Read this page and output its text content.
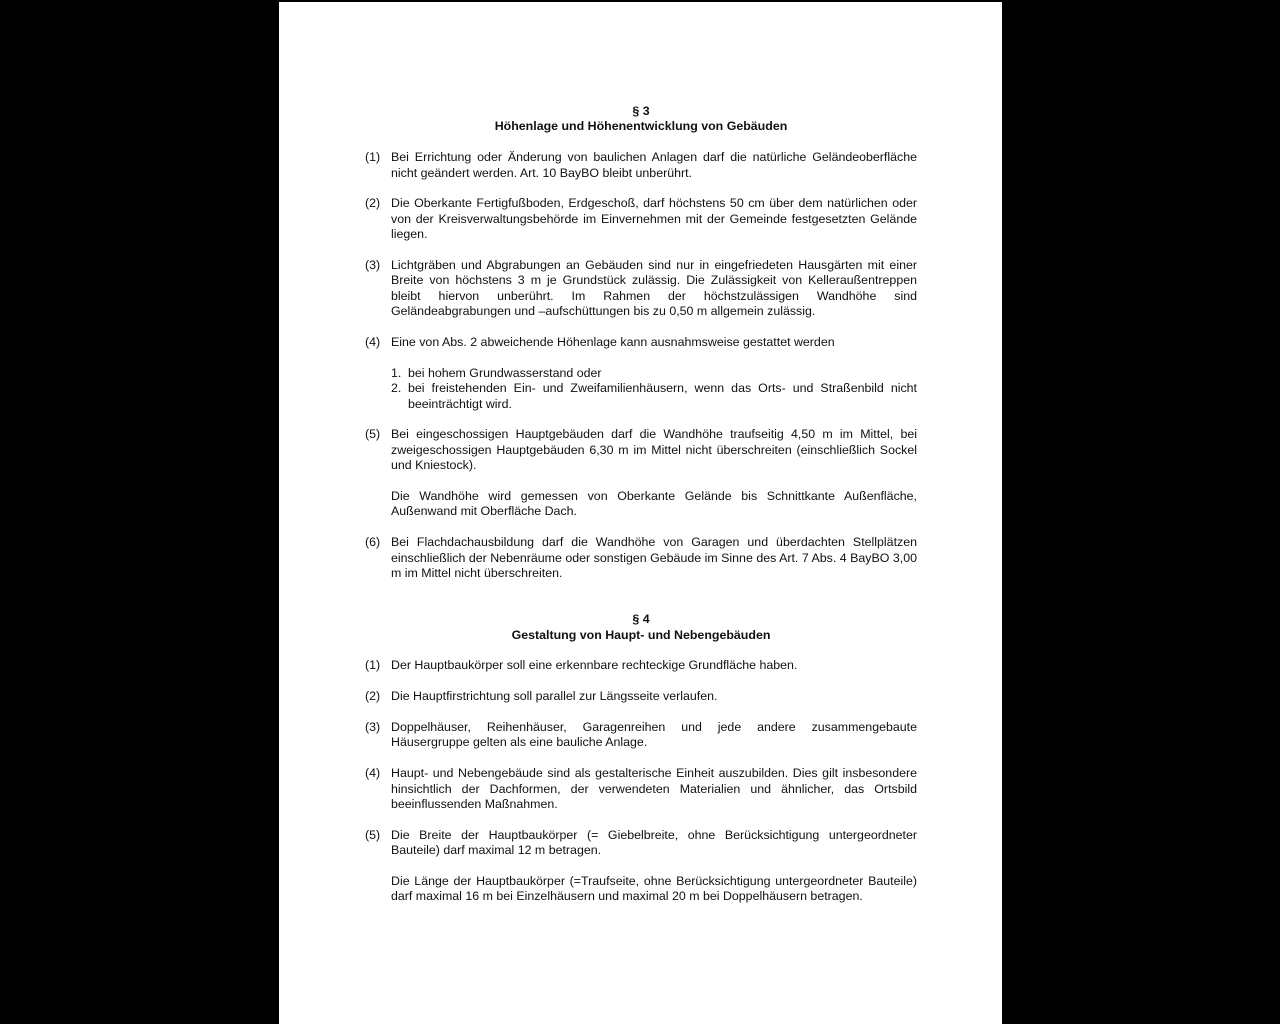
§ 3

Höhenlage und Höhenentwicklung von Gebäuden

(1) Bei Errichtung oder Änderung von baulichen Anlagen darf die natürliche Geländeoberfläche nicht geändert werden. Art. 10 BayBO bleibt unberührt.
(2) Die Oberkante Fertigfußboden, Erdgeschoß, darf höchstens 50 cm über dem natürlichen oder von der Kreisverwaltungsbehörde im Einvernehmen mit der Gemeinde festgesetzten Gelände liegen.
(3) Lichtgräben und Abgrabungen an Gebäuden sind nur in eingefriedeten Hausgärten mit einer Breite von höchstens 3 m je Grundstück zulässig. Die Zulässigkeit von Kelleraußentreppen bleibt hiervon unberührt. Im Rahmen der höchstzulässigen Wandhöhe sind Geländeabgrabungen und –aufschüttungen bis zu 0,50 m allgemein zulässig.
(4) Eine von Abs. 2 abweichende Höhenlage kann ausnahmsweise gestattet werden

1. bei hohem Grundwasserstand oder
2. bei freistehenden Ein- und Zweifamilienhäusern, wenn das Orts- und Straßenbild nicht beeinträchtigt wird.
(5) Bei eingeschossigen Hauptgebäuden darf die Wandhöhe traufseitig 4,50 m im Mittel, bei zweigeschossigen Hauptgebäuden 6,30 m im Mittel nicht überschreiten (einschließlich Sockel und Kniestock).

Die Wandhöhe wird gemessen von Oberkante Gelände bis Schnittkante Außenfläche, Außenwand mit Oberfläche Dach.

(6) Bei Flachdachausbildung darf die Wandhöhe von Garagen und überdachten Stellplätzen einschließlich der Nebenräume oder sonstigen Gebäude im Sinne des Art. 7 Abs. 4 BayBO 3,00 m im Mittel nicht überschreiten.

§ 4

Gestaltung von Haupt- und Nebengebäuden

(1) Der Hauptbaukörper soll eine erkennbare rechteckige Grundfläche haben.
(2) Die Hauptfirstrichtung soll parallel zur Längsseite verlaufen.
(3) Doppelhäuser, Reihenhäuser, Garagenreihen und jede andere zusammengebaute Häusergruppe gelten als eine bauliche Anlage.
(4) Haupt- und Nebengebäude sind als gestalterische Einheit auszubilden. Dies gilt insbesondere hinsichtlich der Dachformen, der verwendeten Materialien und ähnlicher, das Ortsbild beeinflussenden Maßnahmen.
(5) Die Breite der Hauptbaukörper (= Giebelbreite, ohne Berücksichtigung untergeordneter Bauteile) darf maximal 12 m betragen.

Die Länge der Hauptbaukörper (=Traufseite, ohne Berücksichtigung untergeordneter Bauteile) darf maximal 16 m bei Einzelhäusern und maximal 20 m bei Doppelhäusern betragen.
